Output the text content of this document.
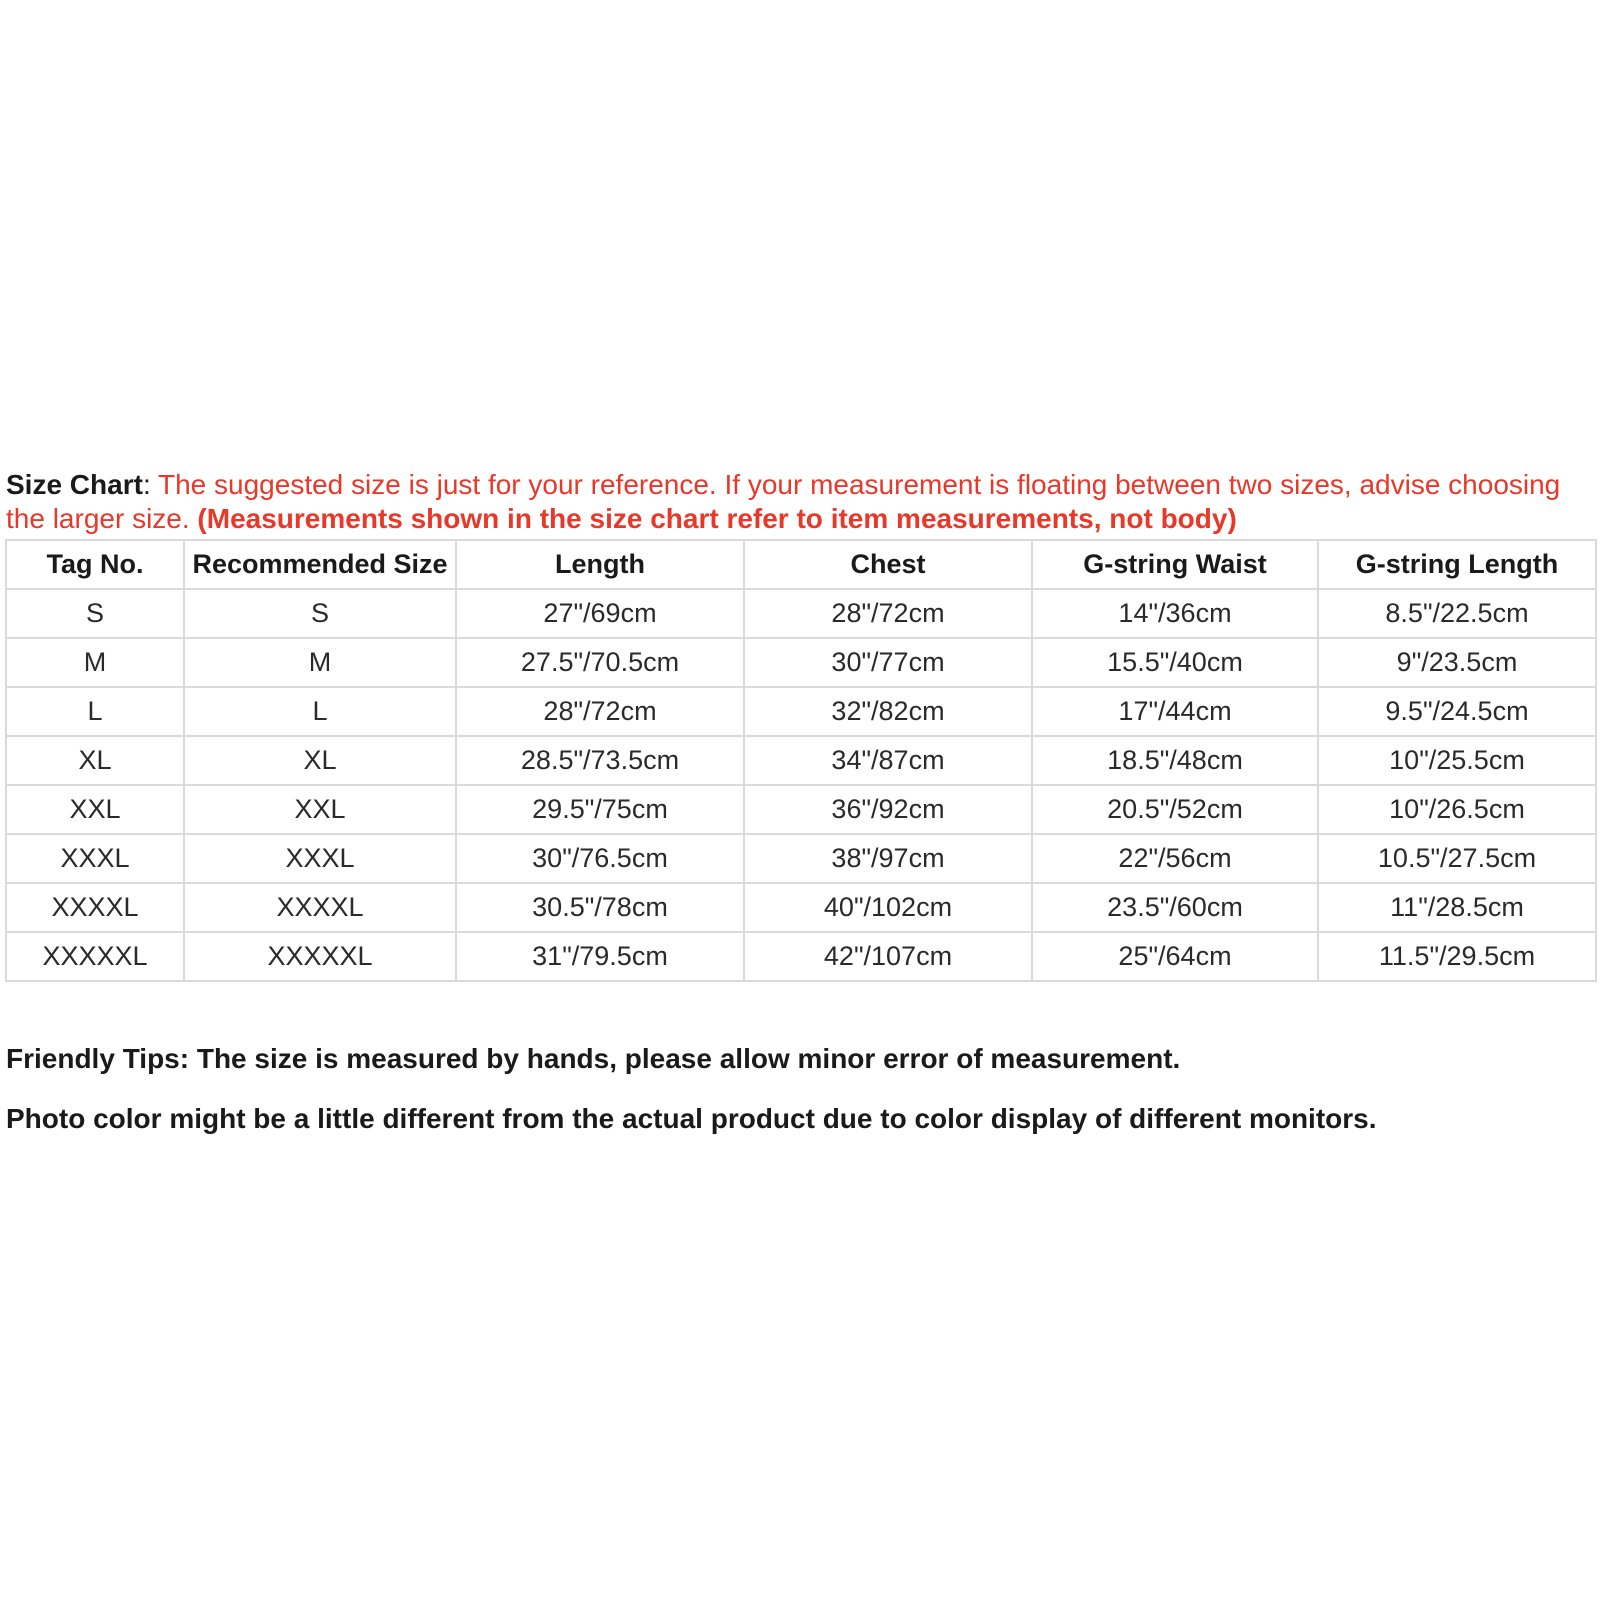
Size Chart: The suggested size is just for your reference. If your measurement is floating between two sizes, advise choosing the larger size. (Measurements shown in the size chart refer to item measurements, not body)
Tag No.	Recommended Size	Length	Chest	G-string Waist	G-string Length
S	S	27"/69cm	28"/72cm	14"/36cm	8.5"/22.5cm
M	M	27.5"/70.5cm	30"/77cm	15.5"/40cm	9"/23.5cm
L	L	28"/72cm	32"/82cm	17"/44cm	9.5"/24.5cm
XL	XL	28.5"/73.5cm	34"/87cm	18.5"/48cm	10"/25.5cm
XXL	XXL	29.5"/75cm	36"/92cm	20.5"/52cm	10"/26.5cm
XXXL	XXXL	30"/76.5cm	38"/97cm	22"/56cm	10.5"/27.5cm
XXXXL	XXXXL	30.5"/78cm	40"/102cm	23.5"/60cm	11"/28.5cm
XXXXXL	XXXXXL	31"/79.5cm	42"/107cm	25"/64cm	11.5"/29.5cm

Friendly Tips: The size is measured by hands, please allow minor error of measurement.

Photo color might be a little different from the actual product due to color display of different monitors.
